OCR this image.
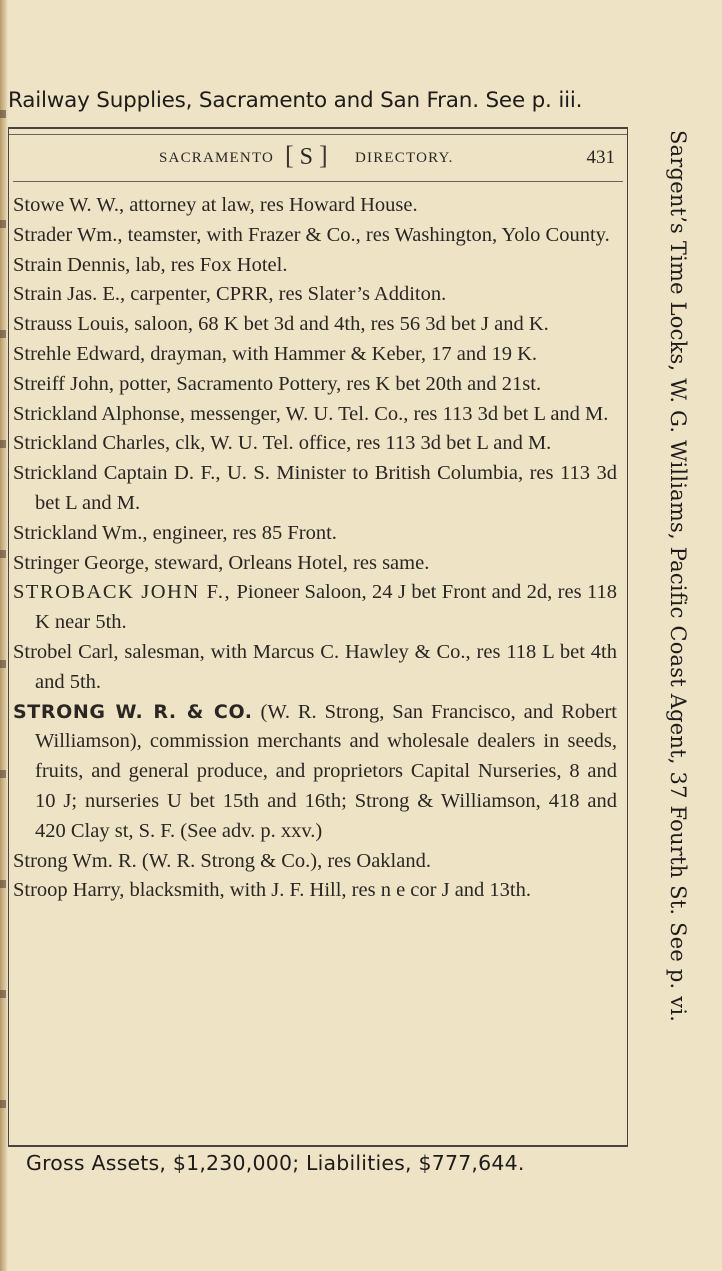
Railway Supplies, Sacramento and San Fran. See p. iii.
SACRAMENTO [ S ] DIRECTORY.	431

Stowe W. W., attorney at law, res Howard House.

Strader Wm., teamster, with Frazer & Co., res Washington, Yolo County.

Strain Dennis, lab, res Fox Hotel.

Strain Jas. E., carpenter, CPRR, res Slater’s Additon.

Strauss Louis, saloon, 68 K bet 3d and 4th, res 56 3d bet J and K.

Strehle Edward, drayman, with Hammer & Keber, 17 and 19 K.

Streiff John, potter, Sacramento Pottery, res K bet 20th and 21st.

Strickland Alphonse, messenger, W. U. Tel. Co., res 113 3d bet L and M.

Strickland Charles, clk, W. U. Tel. office, res 113 3d bet L and M.

Strickland Captain D. F., U. S. Minister to British Columbia, res 113 3d bet L and M.

Strickland Wm., engineer, res 85 Front.

Stringer George, steward, Orleans Hotel, res same.

STROBACK JOHN F., Pioneer Saloon, 24 J bet Front and 2d, res 118 K near 5th.

Strobel Carl, salesman, with Marcus C. Hawley & Co., res 118 L bet 4th and 5th.

STRONG W. R. & CO. (W. R. Strong, San Francisco, and Robert Williamson), commission merchants and wholesale dealers in seeds, fruits, and general produce, and proprietors Capital Nurseries, 8 and 10 J; nurseries U bet 15th and 16th; Strong & Williamson, 418 and 420 Clay st, S. F. (See adv. p. xxv.)

Strong Wm. R. (W. R. Strong & Co.), res Oakland.

Stroop Harry, blacksmith, with J. F. Hill, res n e cor J and 13th.	Sargent’s Time Locks, W. G. Williams, Pacific Coast Agent, 37 Fourth St. See p. vi.
Gross Assets, $1,230,000; Liabilities, $777,644.
